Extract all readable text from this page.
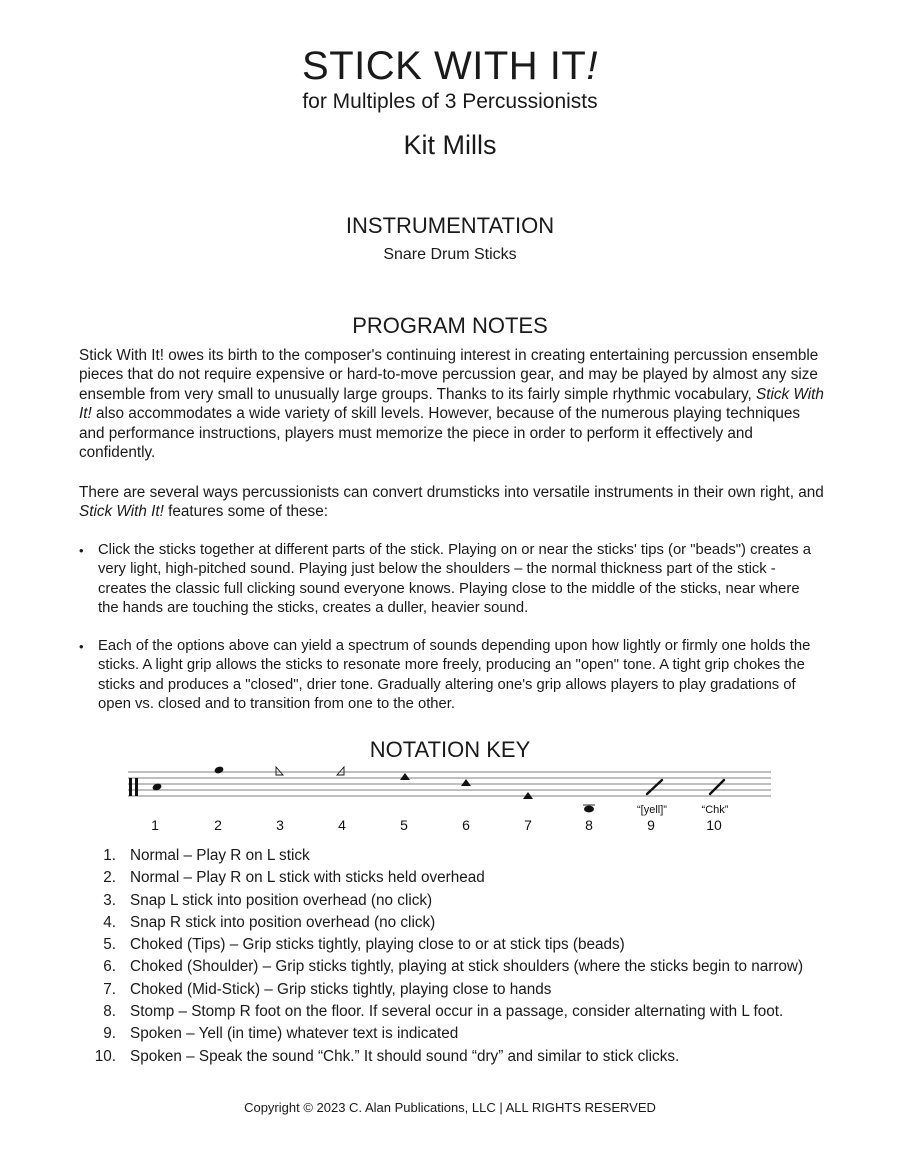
STICK WITH IT!
for Multiples of 3 Percussionists
Kit Mills
INSTRUMENTATION
Snare Drum Sticks
PROGRAM NOTES
Stick With It! owes its birth to the composer's continuing interest in creating entertaining percussion ensemble pieces that do not require expensive or hard-to-move percussion gear, and may be played by almost any size ensemble from very small to unusually large groups. Thanks to its fairly simple rhythmic vocabulary, Stick With It! also accommodates a wide variety of skill levels. However, because of the numerous playing techniques and performance instructions, players must memorize the piece in order to perform it effectively and confidently.
There are several ways percussionists can convert drumsticks into versatile instruments in their own right, and Stick With It! features some of these:
• Click the sticks together at different parts of the stick. Playing on or near the sticks' tips (or "beads") creates a very light, high-pitched sound. Playing just below the shoulders – the normal thickness part of the stick - creates the classic full clicking sound everyone knows. Playing close to the middle of the sticks, near where the hands are touching the sticks, creates a duller, heavier sound.
• Each of the options above can yield a spectrum of sounds depending upon how lightly or firmly one holds the sticks. A light grip allows the sticks to resonate more freely, producing an "open" tone. A tight grip chokes the sticks and produces a "closed", drier tone. Gradually altering one's grip allows players to play gradations of open vs. closed and to transition from one to the other.
NOTATION KEY
“[yell]”	“Chk”
1	2	3	4	5	6	7	8	9	10
1. Normal – Play R on L stick
2. Normal – Play R on L stick with sticks held overhead
3. Snap L stick into position overhead (no click)
4. Snap R stick into position overhead (no click)
5. Choked (Tips) – Grip sticks tightly, playing close to or at stick tips (beads)
6. Choked (Shoulder) – Grip sticks tightly, playing at stick shoulders (where the sticks begin to narrow)
7. Choked (Mid-Stick) – Grip sticks tightly, playing close to hands
8. Stomp – Stomp R foot on the floor. If several occur in a passage, consider alternating with L foot.
9. Spoken – Yell (in time) whatever text is indicated
10. Spoken – Speak the sound “Chk.” It should sound “dry” and similar to stick clicks.
Copyright © 2023 C. Alan Publications, LLC | ALL RIGHTS RESERVED
